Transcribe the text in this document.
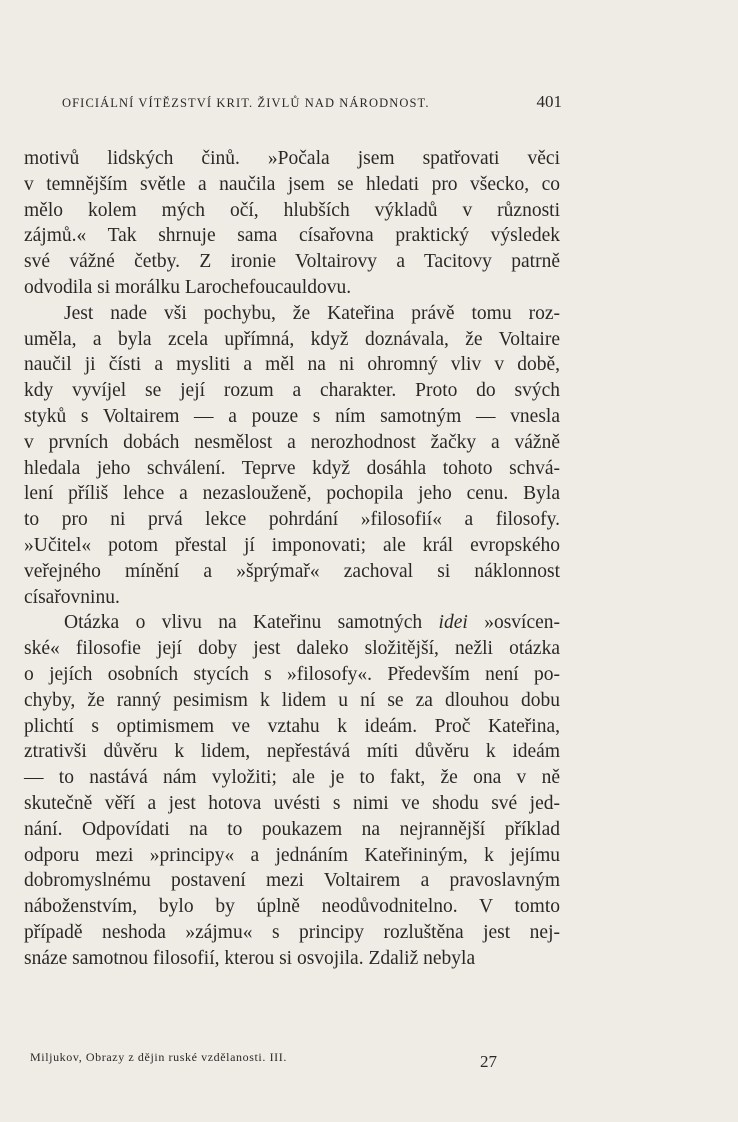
OFICIÁLNÍ VÍTĚZSTVÍ KRIT. ŽIVLŮ NAD NÁRODNOST.	401

motivů lidských činů. »Počala jsem spatřovati věci
v temnějším světle a naučila jsem se hledati pro všecko, co
mělo kolem mých očí, hlubších výkladů v různosti
zájmů.« Tak shrnuje sama císařovna praktický výsledek
své vážné četby. Z ironie Voltairovy a Tacitovy patrně
odvodila si morálku Larochefoucauldovu.

Jest nade vši pochybu, že Kateřina právě tomu roz-
uměla, a byla zcela upřímná, když doznávala, že Voltaire
naučil ji čísti a mysliti a měl na ni ohromný vliv v době,
kdy vyvíjel se její rozum a charakter. Proto do svých
styků s Voltairem — a pouze s ním samotným — vnesla
v prvních dobách nesmělost a nerozhodnost žačky a vážně
hledala jeho schválení. Teprve když dosáhla tohoto schvá-
lení příliš lehce a nezaslouženě, pochopila jeho cenu. Byla
to pro ni prvá lekce pohrdání »filosofií« a filosofy.
»Učitel« potom přestal jí imponovati; ale král evropského
veřejného mínění a »šprýmař« zachoval si náklonnost
císařovninu.

Otázka o vlivu na Kateřinu samotných idei »osvícen-
ské« filosofie její doby jest daleko složitější, nežli otázka
o jejích osobních stycích s »filosofy«. Především není po-
chyby, že ranný pesimism k lidem u ní se za dlouhou dobu
plichtí s optimismem ve vztahu k ideám. Proč Kateřina,
ztrativši důvěru k lidem, nepřestává míti důvěru k ideám
— to nastává nám vyložiti; ale je to fakt, že ona v ně
skutečně věří a jest hotova uvésti s nimi ve shodu své jed-
nání. Odpovídati na to poukazem na nejrannější příklad
odporu mezi »principy« a jednáním Kateřininým, k jejímu
dobromyslnému postavení mezi Voltairem a pravoslavným
náboženstvím, bylo by úplně neodůvodnitelno. V tomto
případě neshoda »zájmu« s principy rozluštěna jest nej-
snáze samotnou filosofií, kterou si osvojila. Zdaliž nebyla

Miljukov, Obrazy z dějin ruské vzdělanosti. III.	27
